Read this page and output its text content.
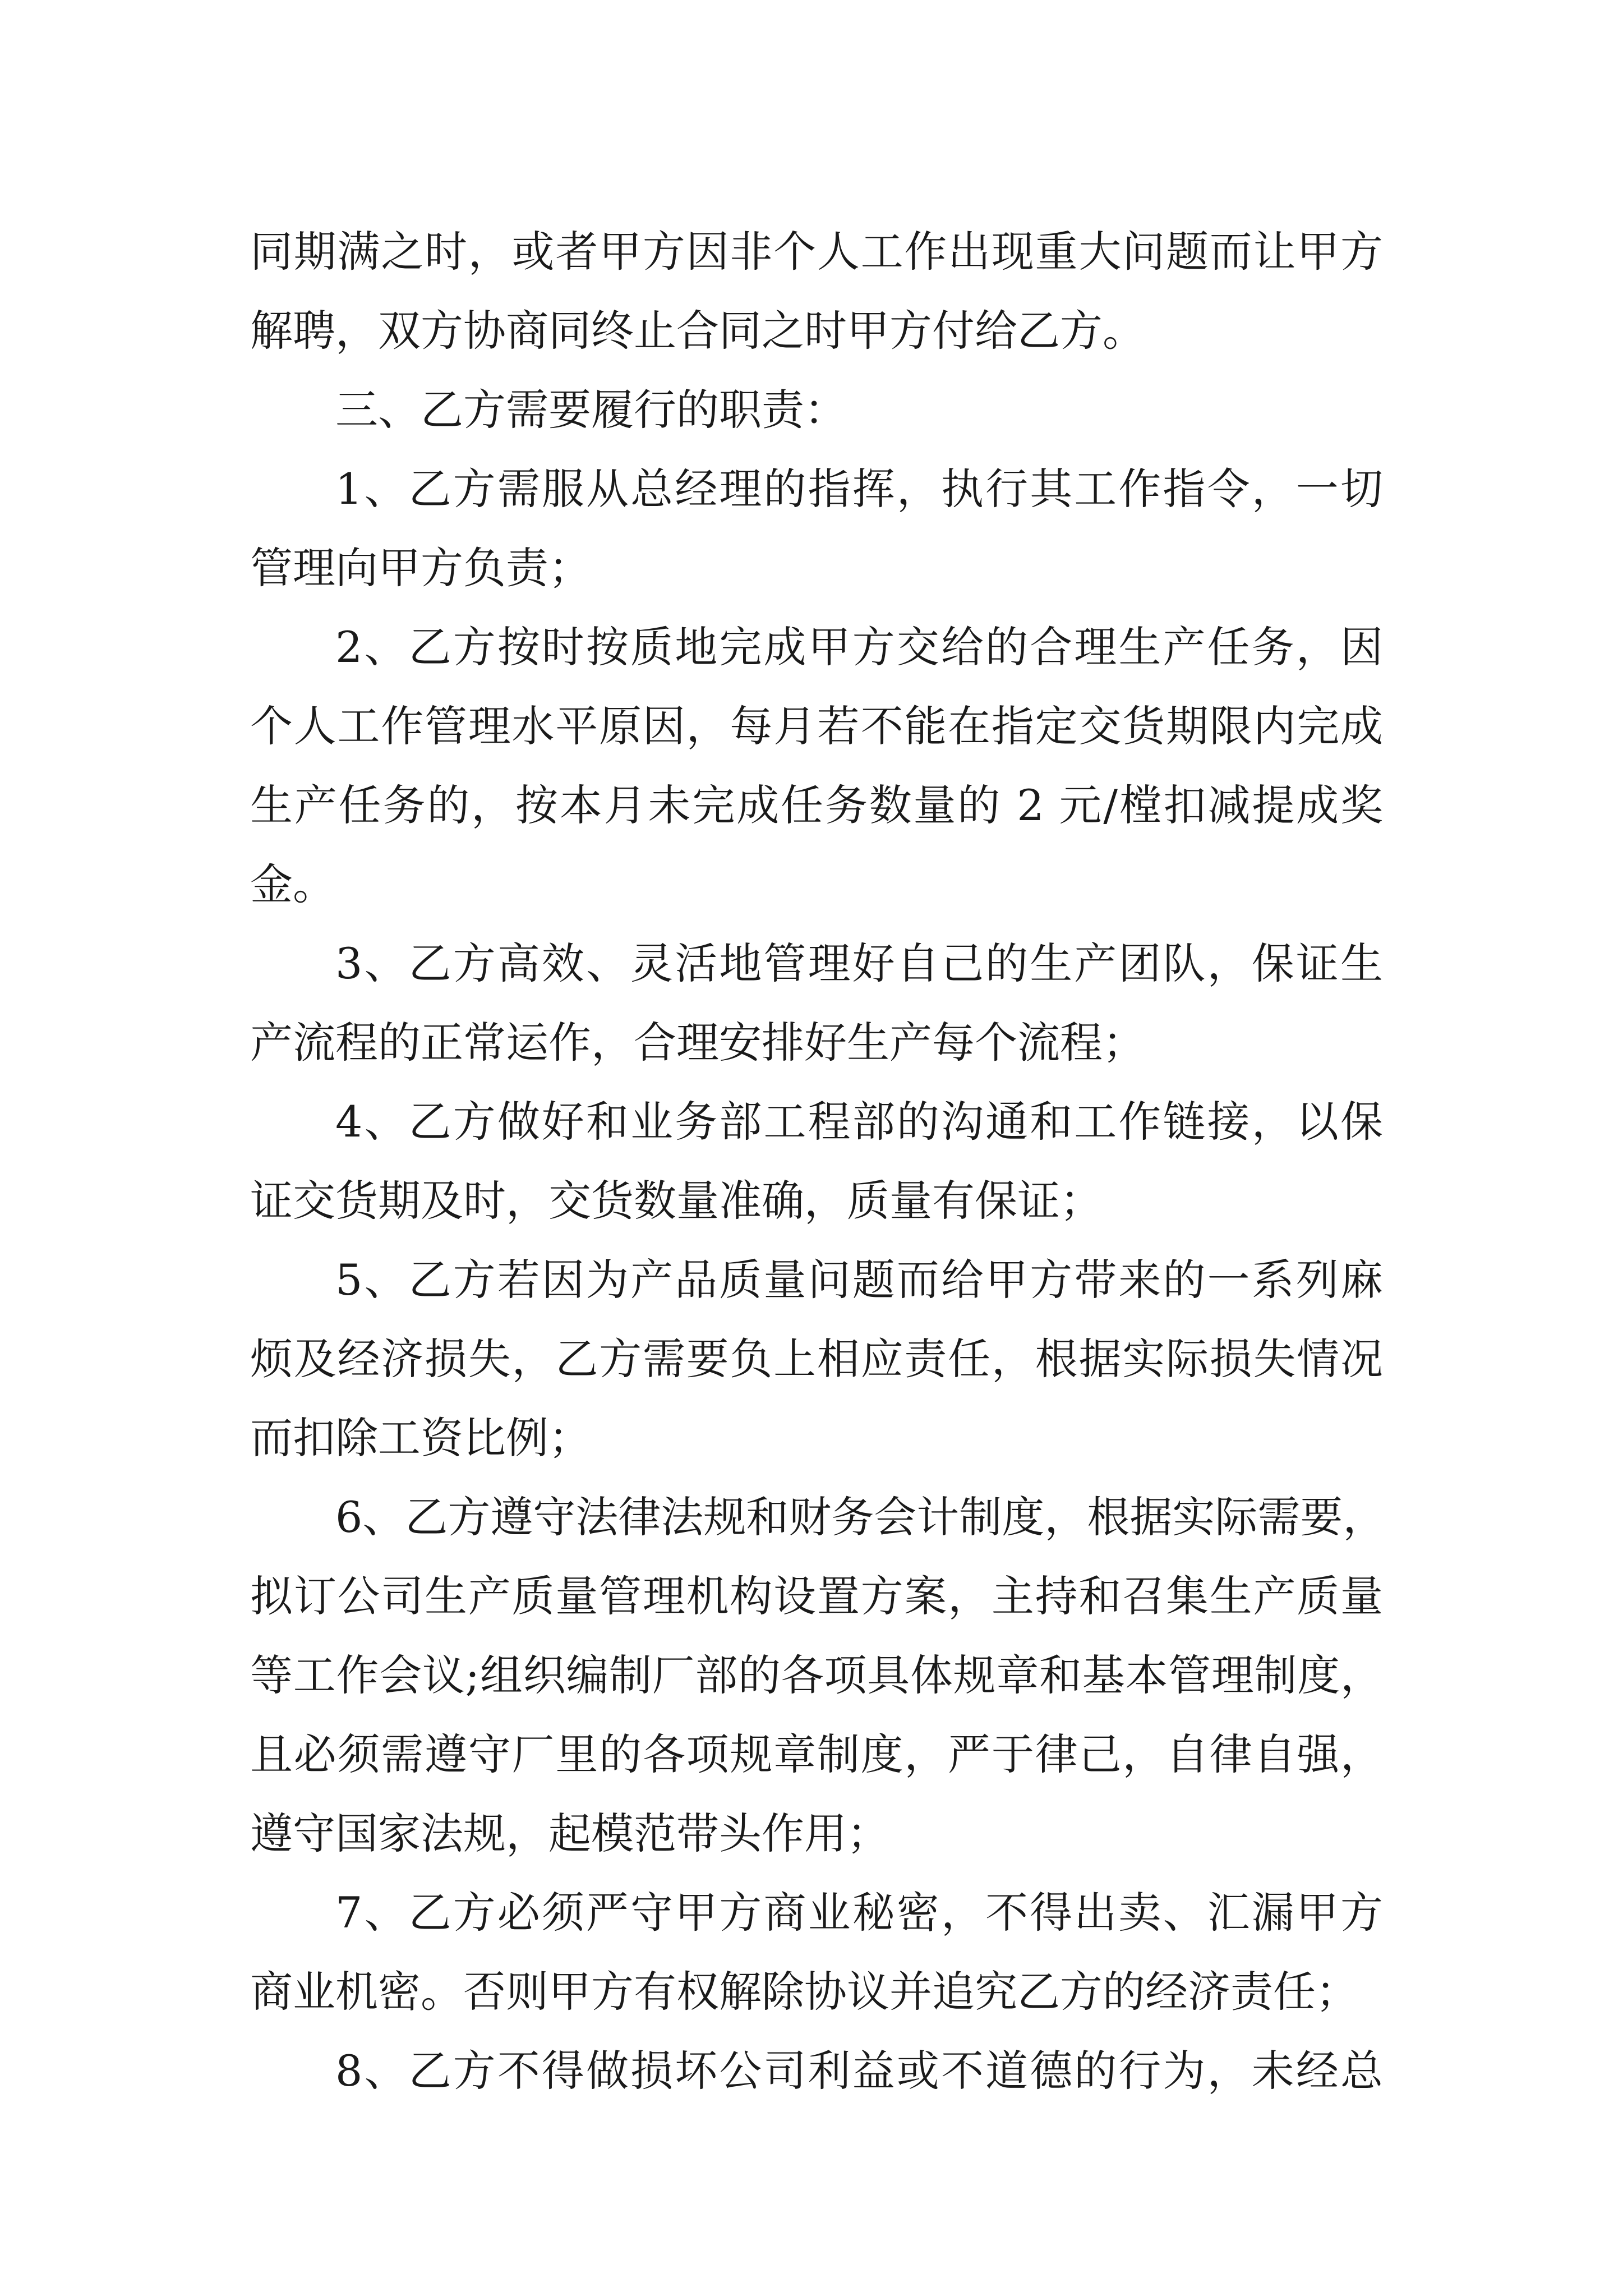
同期满之时，或者甲方因非个人工作出现重大问题而让甲方
解聘，双方协商同终止合同之时甲方付给乙方。
三、乙方需要履行的职责：
1、乙方需服从总经理的指挥，执行其工作指令，一切
管理向甲方负责；
2、乙方按时按质地完成甲方交给的合理生产任务，因
个人工作管理水平原因，每月若不能在指定交货期限内完成
生产任务的，按本月未完成任务数量的 2 元/樘扣减提成奖
金。
3、乙方高效、灵活地管理好自己的生产团队，保证生
产流程的正常运作，合理安排好生产每个流程；
4、乙方做好和业务部工程部的沟通和工作链接，以保
证交货期及时，交货数量准确，质量有保证；
5、乙方若因为产品质量问题而给甲方带来的一系列麻
烦及经济损失，乙方需要负上相应责任，根据实际损失情况
而扣除工资比例；
6、乙方遵守法律法规和财务会计制度，根据实际需要，
拟订公司生产质量管理机构设置方案，主持和召集生产质量
等工作会议;组织编制厂部的各项具体规章和基本管理制度，
且必须需遵守厂里的各项规章制度，严于律己，自律自强，
遵守国家法规，起模范带头作用；
7、乙方必须严守甲方商业秘密，不得出卖、汇漏甲方
商业机密。否则甲方有权解除协议并追究乙方的经济责任；
8、乙方不得做损坏公司利益或不道德的行为，未经总
